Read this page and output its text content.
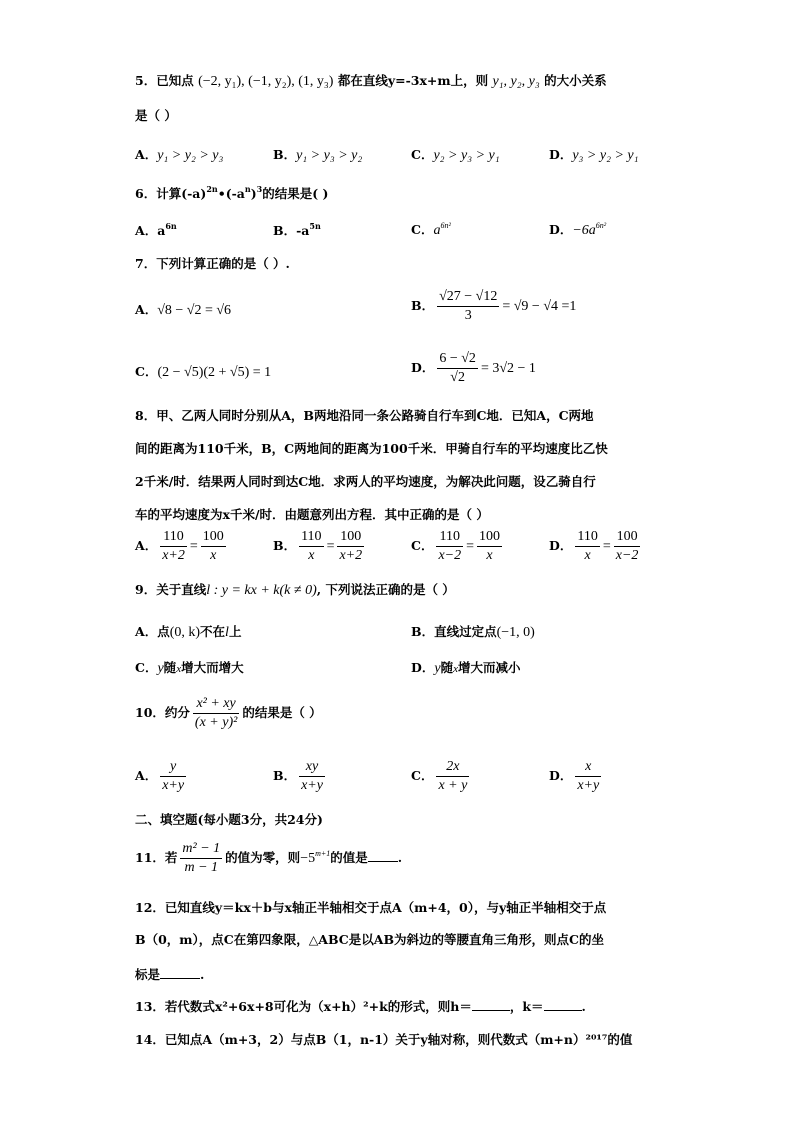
5．已知点 (−2, y₁), (−1, y₂), (1, y₃) 都在直线y=-3x+m上，则 y₁, y₂, y₃ 的大小关系
是（ ）
A．y₁ > y₂ > y₃	B．y₁ > y₃ > y₂	C．y₂ > y₃ > y₁	D．y₃ > y₂ > y₁
6．计算$(-a)^{2n}•(-a^n)^3$的结果是( )
A．$a^{6n}$	B．$-a^{5n}$	C．$a^{6n^2}$	D．$-6a^{6n^2}$
7．下列计算正确的是（ ）.
A．√8 − √2 = √6	B． $\frac{√27 - √12}{3} = √9 - √4 =1$
C．(2 − √5)(2 + √5) = 1	D． $\frac{6 - √2}{√2} = 3√2 - 1$
8．甲、乙两人同时分别从A，B两地沿同一条公路骑自行车到C地．已知A，C两地
间的距离为110千米，B，C两地间的距离为100千米．甲骑自行车的平均速度比乙快
2千米/时．结果两人同时到达C地．求两人的平均速度，为解决此问题，设乙骑自行
车的平均速度为x千米/时．由题意列出方程．其中正确的是（ ）
A． $\frac{110}{x+2} = \frac{100}{x}$	B． $\frac{110}{x} = \frac{100}{x+2}$	C． $\frac{110}{x-2} = \frac{100}{x}$	D． $\frac{110}{x} = \frac{100}{x-2}$
9．关于直线l : y = kx + k(k ≠ 0), 下列说法正确的是（ ）
A．点(0, k)不在l上	B．直线过定点(−1, 0)
C．y随x增大而增大	D．y随x增大而减小
10．约分 $\frac{\text{x² + xy}}{\text{(x + y)²}}$ 的结果是（ ）
A． $\frac{y}{x+y}$	B． $\frac{xy}{x+y}$	C． $\frac{2x}{x + y}$	D． $\frac{x}{x+y}$
二、填空题(每小题3分，共24分)
11．若 $\frac{\text{m² − 1}}{m - 1}$ 的值为零，则$-5^{m+1}$的值是 .
12．已知直线y＝kx＋b与x轴正半轴相交于点A（m+4，0），与y轴正半轴相交于点
B（0，m），点C在第四象限，△ABC是以AB为斜边的等腰直角三角形，则点C的坐
标是	.
13．若代数式x²+6x+8可化为（x+h）²+k的形式，则h＝	，k＝	.
14．已知点A（m+3，2）与点B（1，n-1）关于y轴对称，则代数式（m+n）²⁰¹⁷的值
